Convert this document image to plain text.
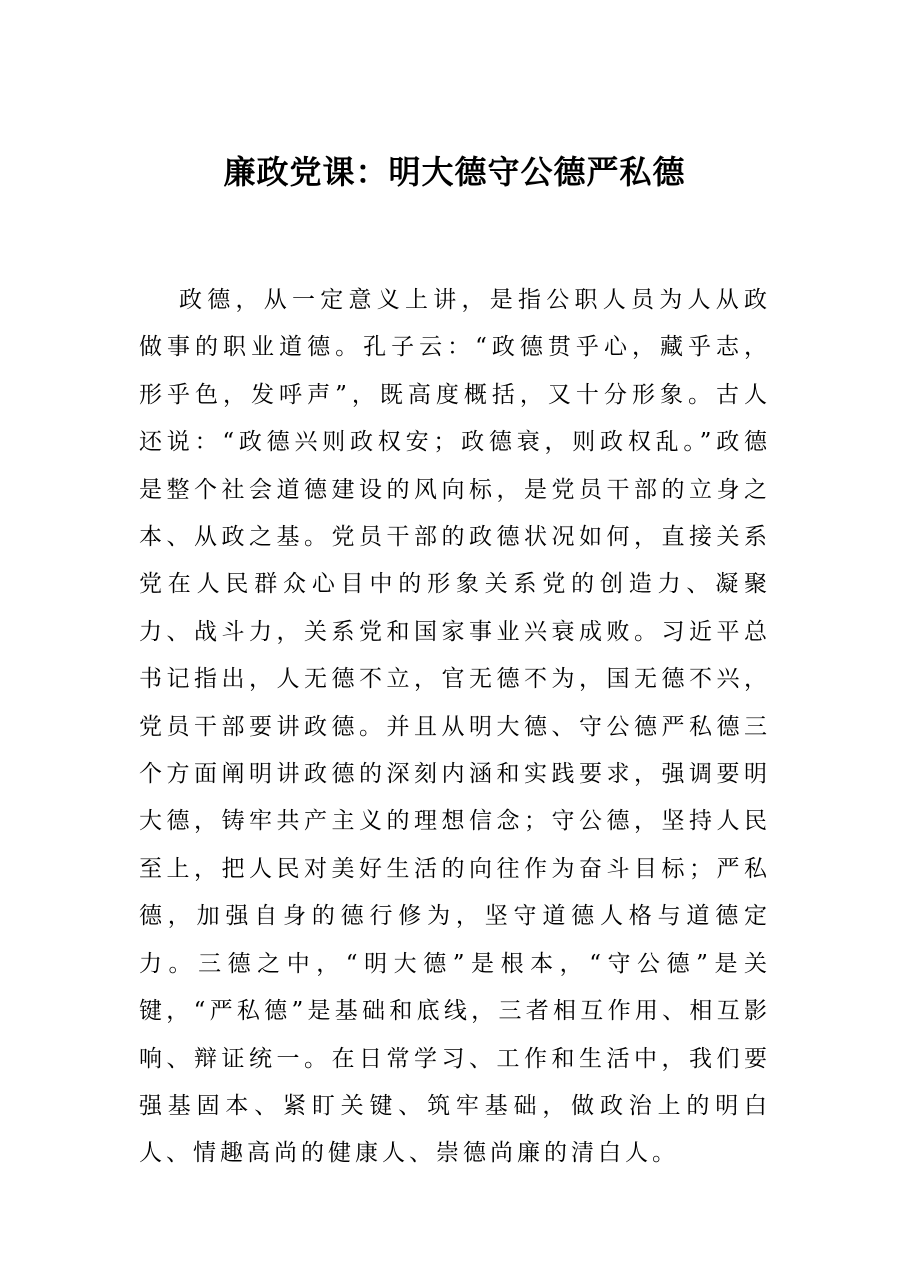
廉政党课：明大德守公德严私德

政德，从一定意义上讲，是指公职人员为人从政做事的职业道德。孔子云：“政德贯乎心，藏乎志，形乎色，发呼声”，既高度概括，又十分形象。古人还说：“政德兴则政权安；政德衰，则政权乱。”政德是整个社会道德建设的风向标，是党员干部的立身之本、从政之基。党员干部的政德状况如何，直接关系党在人民群众心目中的形象关系党的创造力、凝聚力、战斗力，关系党和国家事业兴衰成败。习近平总书记指出，人无德不立，官无德不为，国无德不兴，党员干部要讲政德。并且从明大德、守公德严私德三个方面阐明讲政德的深刻内涵和实践要求，强调要明大德，铸牢共产主义的理想信念；守公德，坚持人民至上，把人民对美好生活的向往作为奋斗目标；严私德，加强自身的德行修为，坚守道德人格与道德定力。三德之中，“明大德”是根本，“守公德”是关键，“严私德”是基础和底线，三者相互作用、相互影响、辩证统一。在日常学习、工作和生活中，我们要强基固本、紧盯关键、筑牢基础，做政治上的明白人、情趣高尚的健康人、崇德尚廉的清白人。
